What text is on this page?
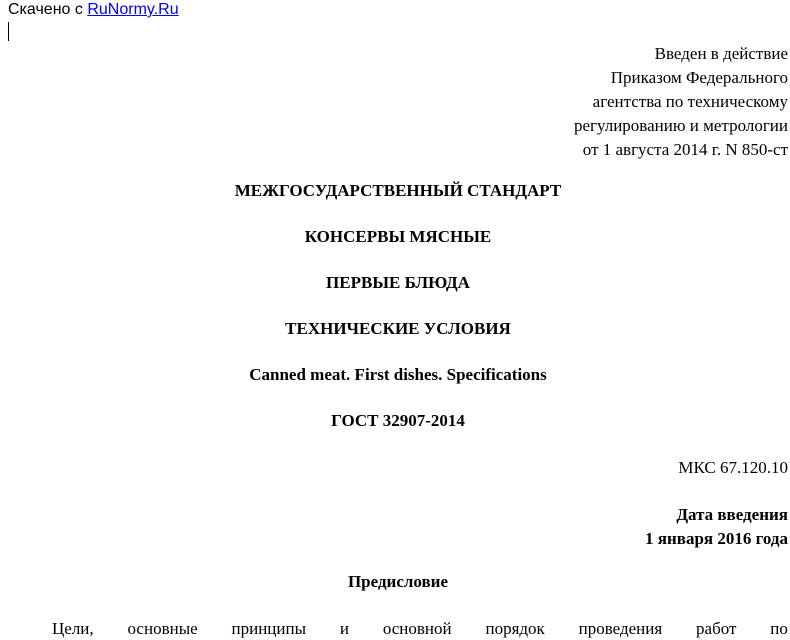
Скачено с RuNormy.Ru
Введен в действие
Приказом Федерального
агентства по техническому
регулированию и метрологии
от 1 августа 2014 г. N 850-ст
МЕЖГОСУДАРСТВЕННЫЙ СТАНДАРТ
КОНСЕРВЫ МЯСНЫЕ
ПЕРВЫЕ БЛЮДА
ТЕХНИЧЕСКИЕ УСЛОВИЯ
Canned meat. First dishes. Specifications
ГОСТ 32907-2014
МКС 67.120.10
Дата введения
1 января 2016 года
Предисловие
Цели, основные принципы и основной порядок проведения работ по
